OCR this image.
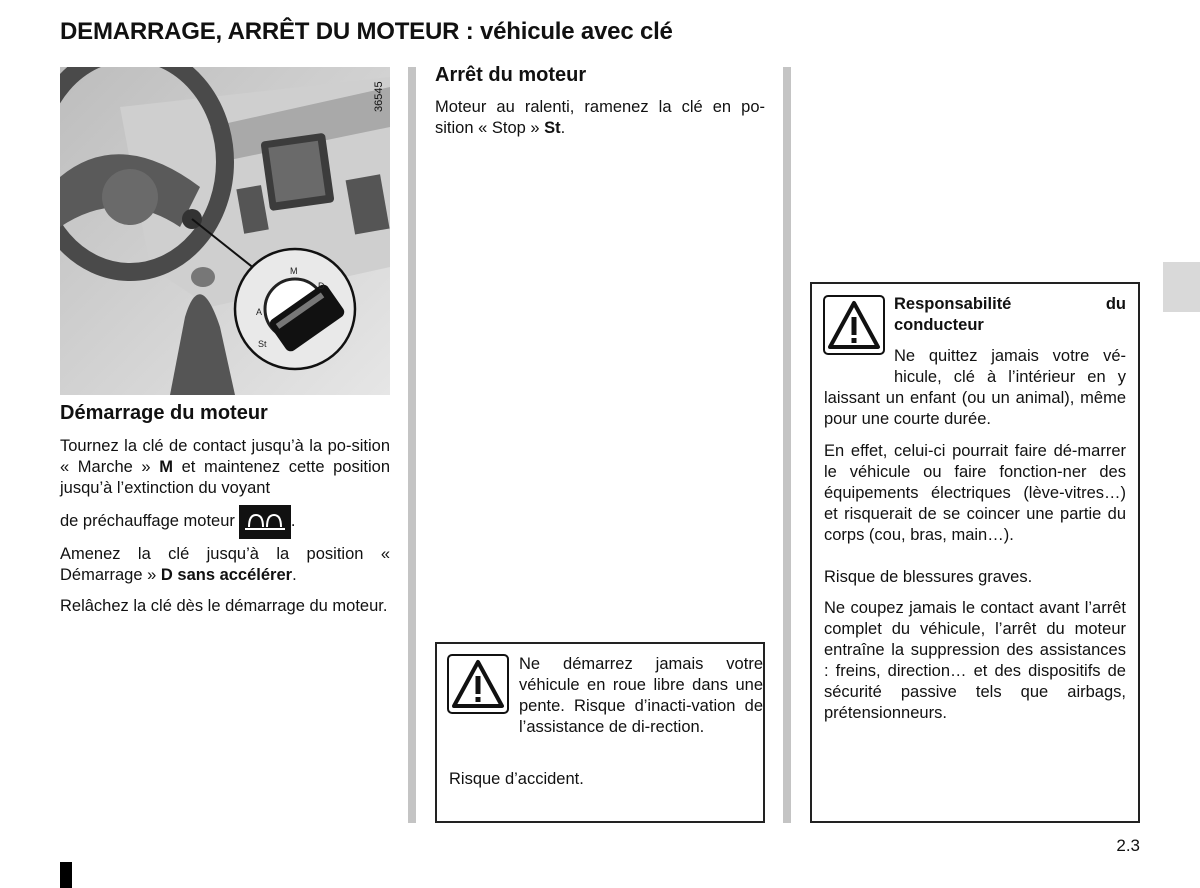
DEMARRAGE, ARRÊT DU MOTEUR : véhicule avec clé
M
D
St
A
36545
Démarrage du moteur
Tournez la clé de contact jusqu’à la po-sition « Marche » M et maintenez cette position jusqu’à l’extinction du voyant
de préchauffage moteur	.
Amenez la clé jusqu’à la position « Démarrage » D sans accélérer.
Relâchez la clé dès le démarrage du moteur.
Arrêt du moteur
Moteur au ralenti, ramenez la clé en po-sition « Stop » St.
Ne démarrez jamais votre véhicule en roue libre dans une pente. Risque d’inacti-vation de l’assistance de di-rection.
Risque d’accident.
Responsabilité du conducteur
Ne quittez jamais votre vé-hicule, clé à l’intérieur en y laissant un enfant (ou un animal), même pour une courte durée.
En effet, celui-ci pourrait faire dé-marrer le véhicule ou faire fonction-ner des équipements électriques (lève-vitres…) et risquerait de se coincer une partie du corps (cou, bras, main…).
Risque de blessures graves.
Ne coupez jamais le contact avant l’arrêt complet du véhicule, l’arrêt du moteur entraîne la suppression des assistances : freins, direction… et des dispositifs de sécurité passive tels que airbags, prétensionneurs.
2.3
